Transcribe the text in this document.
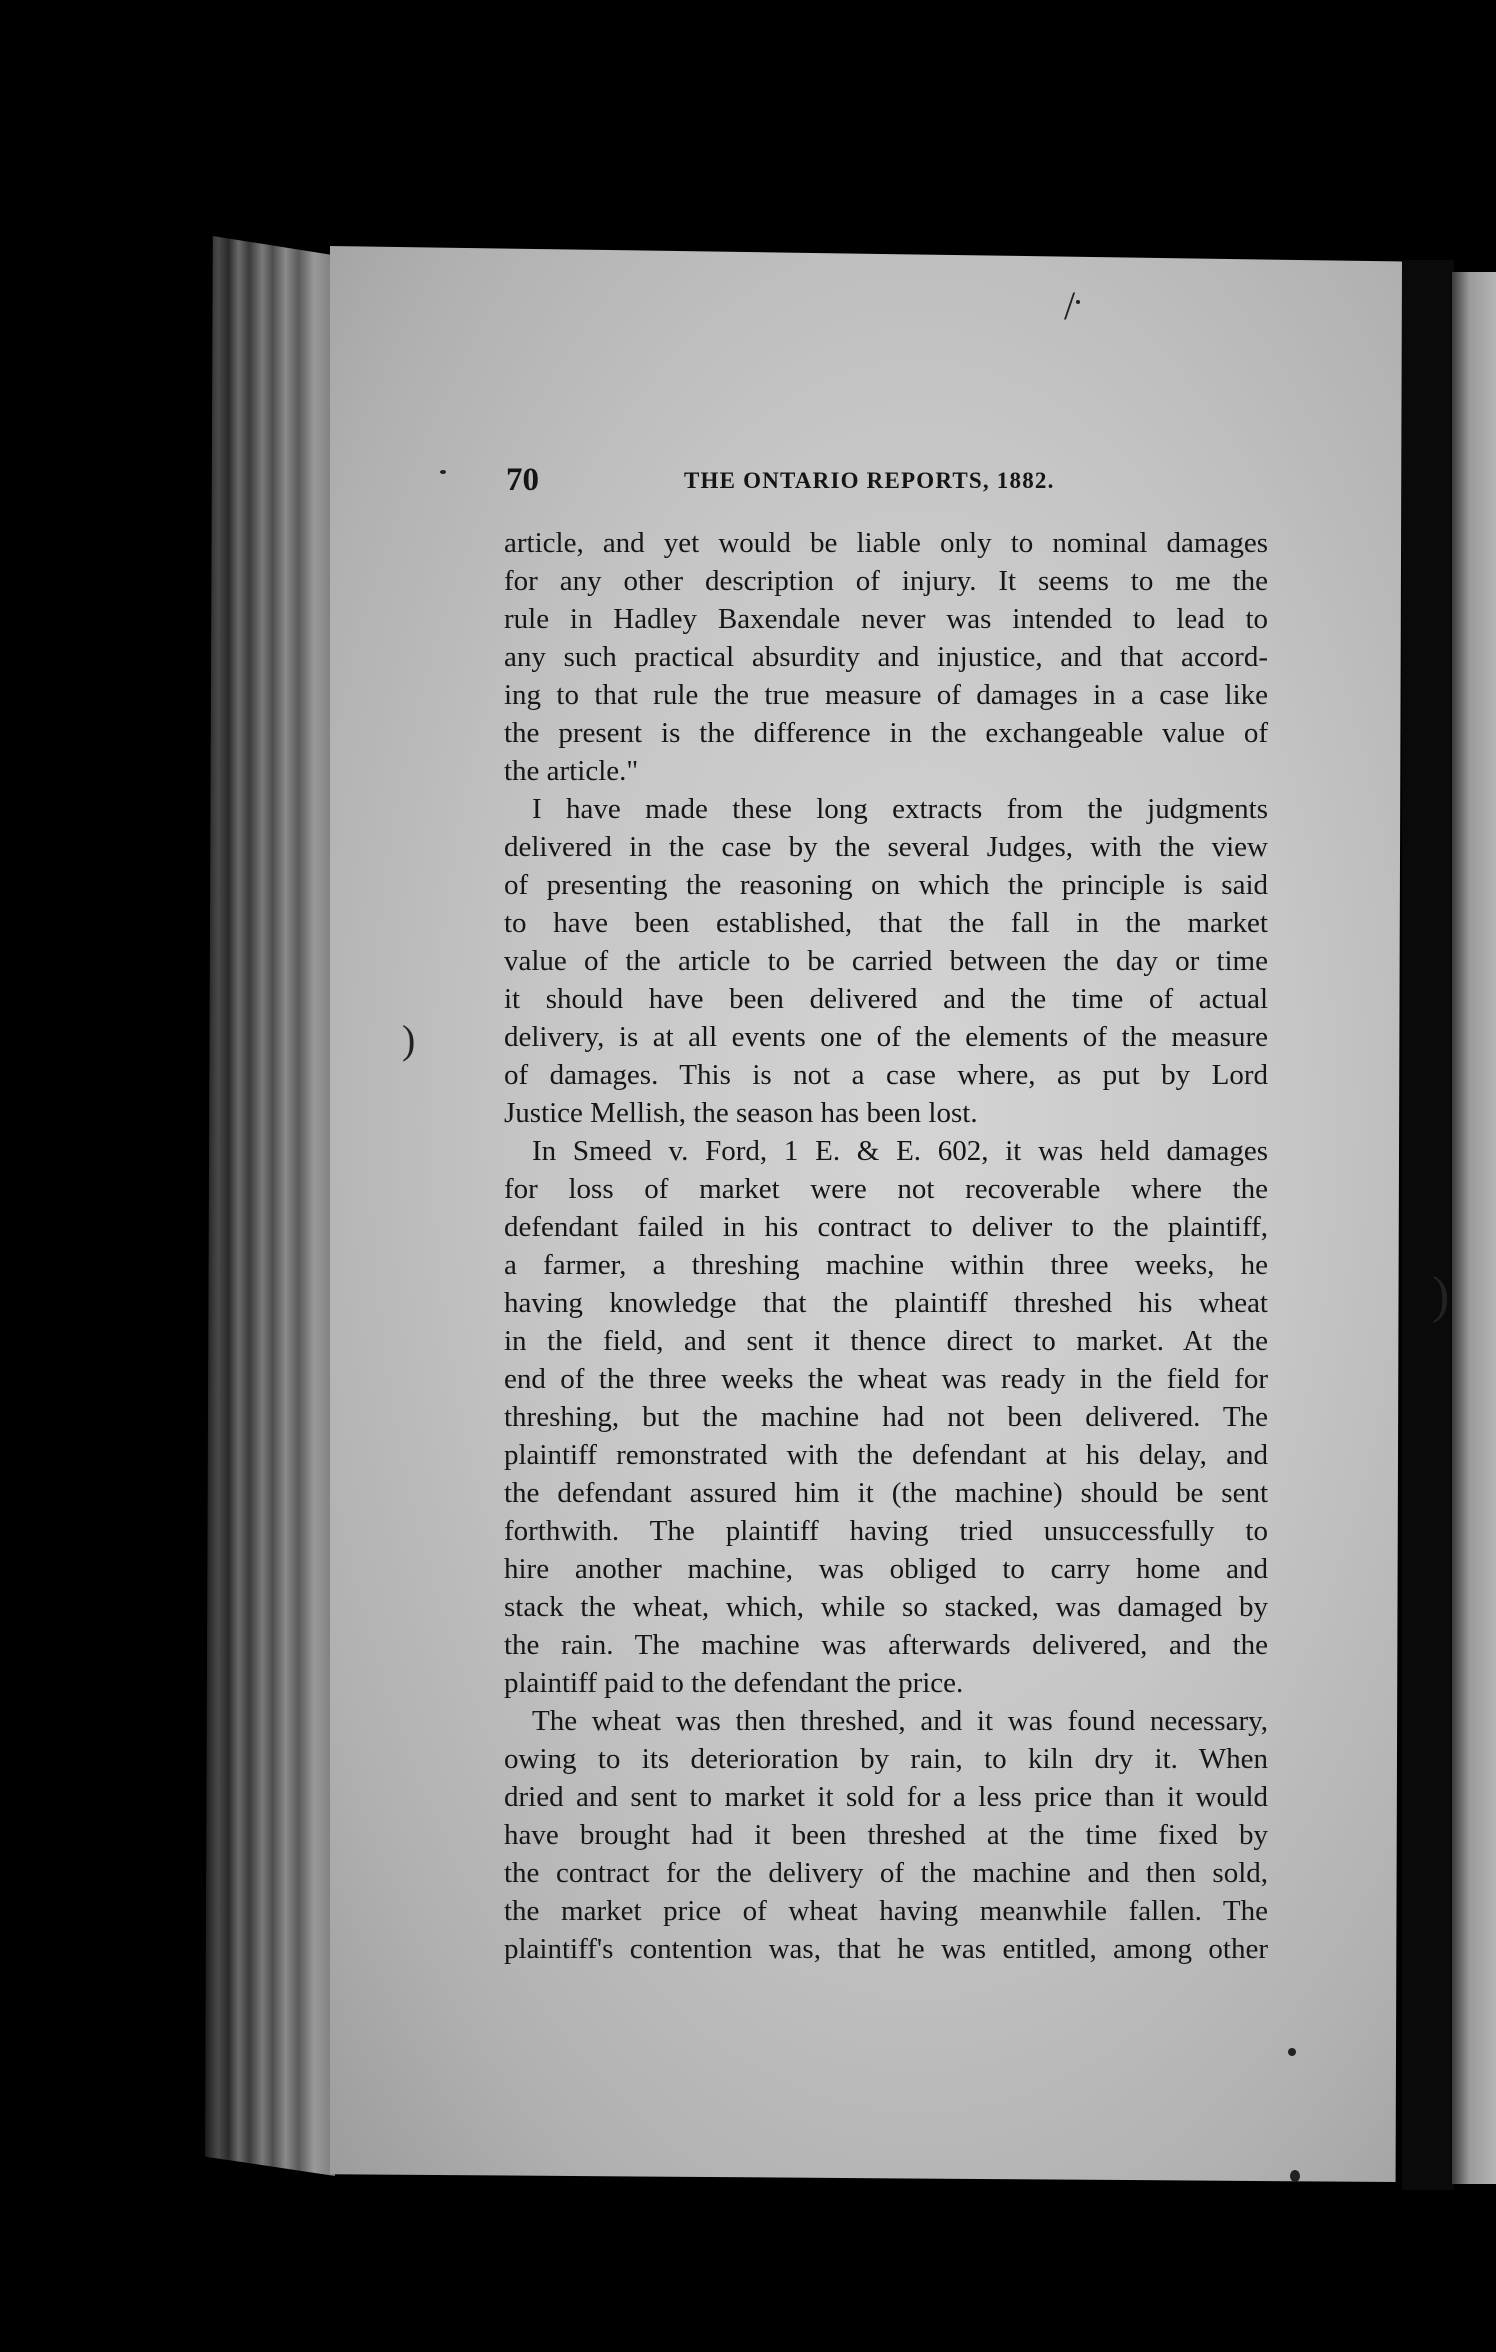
/
)
)
70	THE ONTARIO REPORTS, 1882.
article, and yet would be liable only to nominal damages
for any other description of injury. It seems to me the
rule in Hadley Baxendale never was intended to lead to
any such practical absurdity and injustice, and that accord-
ing to that rule the true measure of damages in a case like
the present is the difference in the exchangeable value of
the article."
I have made these long extracts from the judgments
delivered in the case by the several Judges, with the view
of presenting the reasoning on which the principle is said
to have been established, that the fall in the market
value of the article to be carried between the day or time
it should have been delivered and the time of actual
delivery, is at all events one of the elements of the measure
of damages. This is not a case where, as put by Lord
Justice Mellish, the season has been lost.
In Smeed v. Ford, 1 E. & E. 602, it was held damages
for loss of market were not recoverable where the
defendant failed in his contract to deliver to the plaintiff,
a farmer, a threshing machine within three weeks, he
having knowledge that the plaintiff threshed his wheat
in the field, and sent it thence direct to market. At the
end of the three weeks the wheat was ready in the field for
threshing, but the machine had not been delivered. The
plaintiff remonstrated with the defendant at his delay, and
the defendant assured him it (the machine) should be sent
forthwith. The plaintiff having tried unsuccessfully to
hire another machine, was obliged to carry home and
stack the wheat, which, while so stacked, was damaged by
the rain. The machine was afterwards delivered, and the
plaintiff paid to the defendant the price.
The wheat was then threshed, and it was found necessary,
owing to its deterioration by rain, to kiln dry it. When
dried and sent to market it sold for a less price than it would
have brought had it been threshed at the time fixed by
the contract for the delivery of the machine and then sold,
the market price of wheat having meanwhile fallen. The
plaintiff's contention was, that he was entitled, among other
